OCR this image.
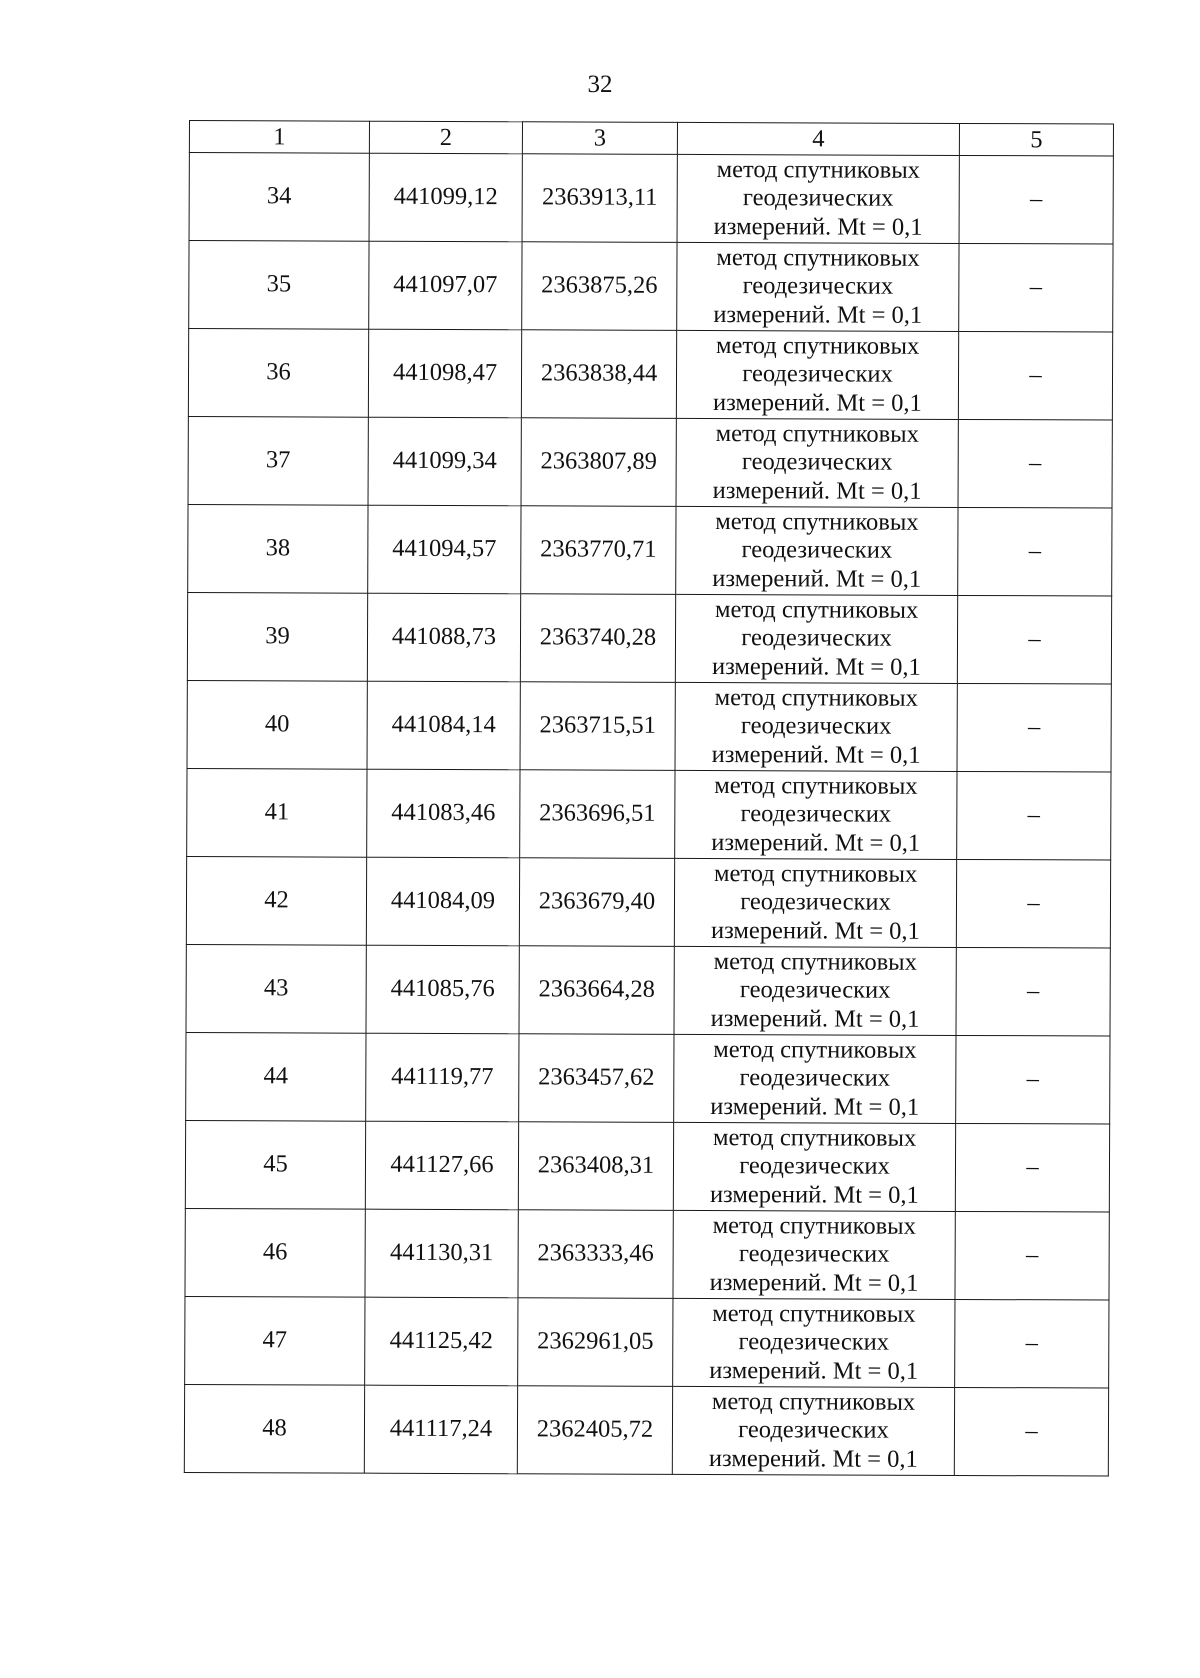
32
1	2	3	4	5
34	441099,12	2363913,11	метод спутниковых геодезических измерений. Mt = 0,1	–
35	441097,07	2363875,26	метод спутниковых геодезических измерений. Mt = 0,1	–
36	441098,47	2363838,44	метод спутниковых геодезических измерений. Mt = 0,1	–
37	441099,34	2363807,89	метод спутниковых геодезических измерений. Mt = 0,1	–
38	441094,57	2363770,71	метод спутниковых геодезических измерений. Mt = 0,1	–
39	441088,73	2363740,28	метод спутниковых геодезических измерений. Mt = 0,1	–
40	441084,14	2363715,51	метод спутниковых геодезических измерений. Mt = 0,1	–
41	441083,46	2363696,51	метод спутниковых геодезических измерений. Mt = 0,1	–
42	441084,09	2363679,40	метод спутниковых геодезических измерений. Mt = 0,1	–
43	441085,76	2363664,28	метод спутниковых геодезических измерений. Mt = 0,1	–
44	441119,77	2363457,62	метод спутниковых геодезических измерений. Mt = 0,1	–
45	441127,66	2363408,31	метод спутниковых геодезических измерений. Mt = 0,1	–
46	441130,31	2363333,46	метод спутниковых геодезических измерений. Mt = 0,1	–
47	441125,42	2362961,05	метод спутниковых геодезических измерений. Mt = 0,1	–
48	441117,24	2362405,72	метод спутниковых геодезических измерений. Mt = 0,1	–
